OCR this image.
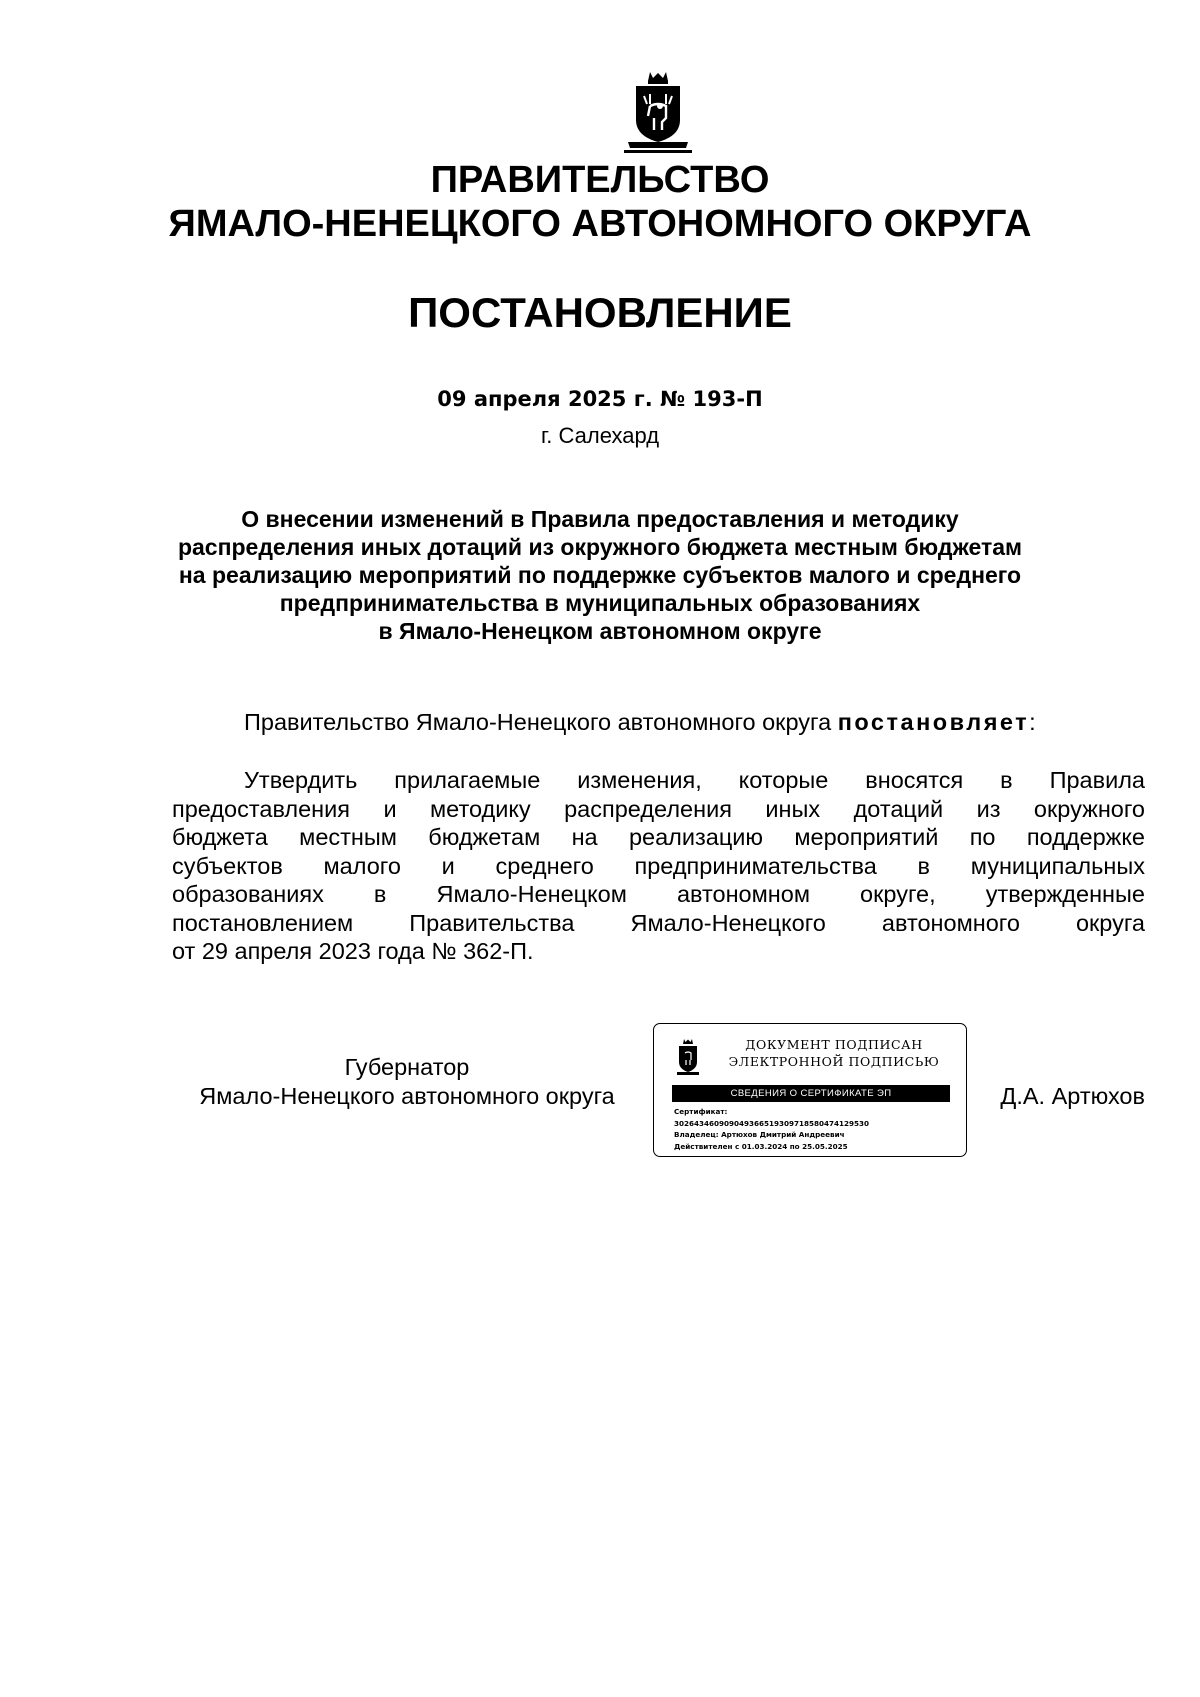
ПРАВИТЕЛЬСТВО
ЯМАЛО-НЕНЕЦКОГО АВТОНОМНОГО ОКРУГА
ПОСТАНОВЛЕНИЕ
09 апреля 2025 г. № 193-П
г. Салехард
О внесении изменений в Правила предоставления и методику
распределения иных дотаций из окружного бюджета местным бюджетам
на реализацию мероприятий по поддержке субъектов малого и среднего
предпринимательства в муниципальных образованиях
в Ямало-Ненецком автономном округе

Правительство Ямало-Ненецкого автономного округа постановляет:

Утвердить прилагаемые изменения, которые вносятся в Правила
предоставления и методику распределения иных дотаций из окружного
бюджета местным бюджетам на реализацию мероприятий по поддержке
субъектов малого и среднего предпринимательства в муниципальных
образованиях в Ямало-Ненецком автономном округе, утвержденные
постановлением Правительства Ямало-Ненецкого автономного округа
от 29 апреля 2023 года № 362-П.

Губернатор
Ямало-Ненецкого автономного округа
ДОКУМЕНТ ПОДПИСАН
ЭЛЕКТРОННОЙ ПОДПИСЬЮ
СВЕДЕНИЯ О СЕРТИФИКАТЕ ЭП
Сертификат:
302643460909049366519309718580474129530
Владелец: Артюхов Дмитрий Андреевич
Действителен с 01.03.2024 по 25.05.2025
Д.А. Артюхов
